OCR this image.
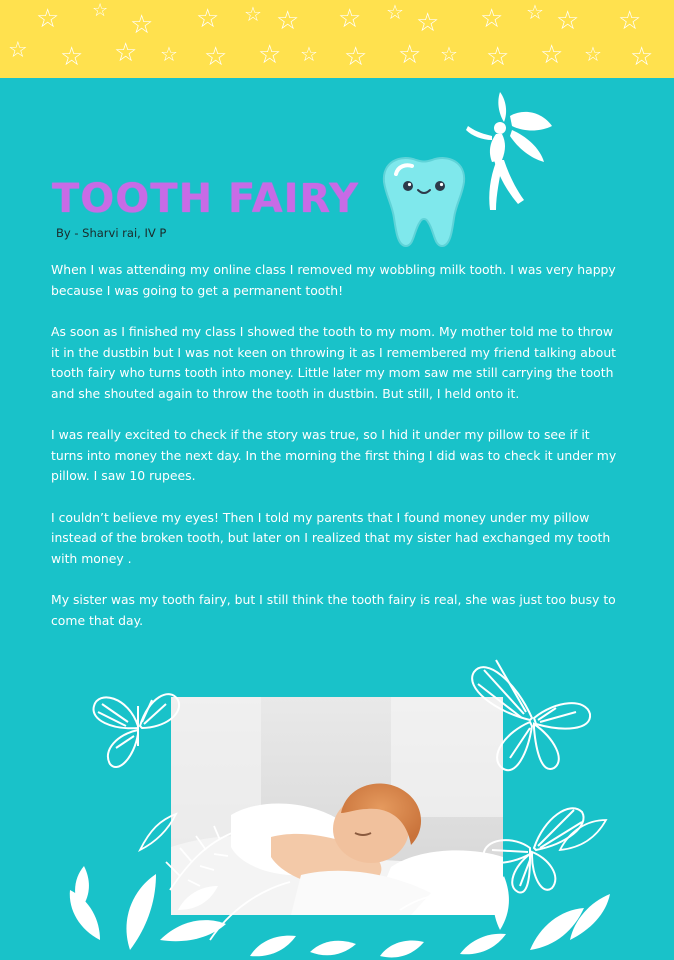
☆ ☆ ☆ ☆ ☆ ☆ ☆ ☆ ☆ ☆ ☆ ☆ ☆
☆ ☆ ☆ ☆ ☆ ☆ ☆ ☆ ☆ ☆ ☆ ☆ ☆ ☆
TOOTH FAIRY

By - Sharvi rai, IV P

When I was attending my online class I removed my wobbling milk tooth. I was very happy because I was going to get a permanent tooth!

As soon as I finished my class I showed the tooth to my mom. My mother told me to throw it in the dustbin but I was not keen on throwing it as I remembered my friend talking about tooth fairy who turns tooth into money. Little later my mom saw me still carrying the tooth and she shouted again to throw the tooth in dustbin. But still, I held onto it.

I was really excited to check if the story was true, so I hid it under my pillow to see if it turns into money the next day. In the morning the first thing I did was to check it under my pillow. I saw 10 rupees.

I couldn’t believe my eyes! Then I told my parents that I found money under my pillow instead of the broken tooth, but later on I realized that my sister had exchanged my tooth with money .

My sister was my tooth fairy, but I still think the tooth fairy is real, she was just too busy to come that day.
